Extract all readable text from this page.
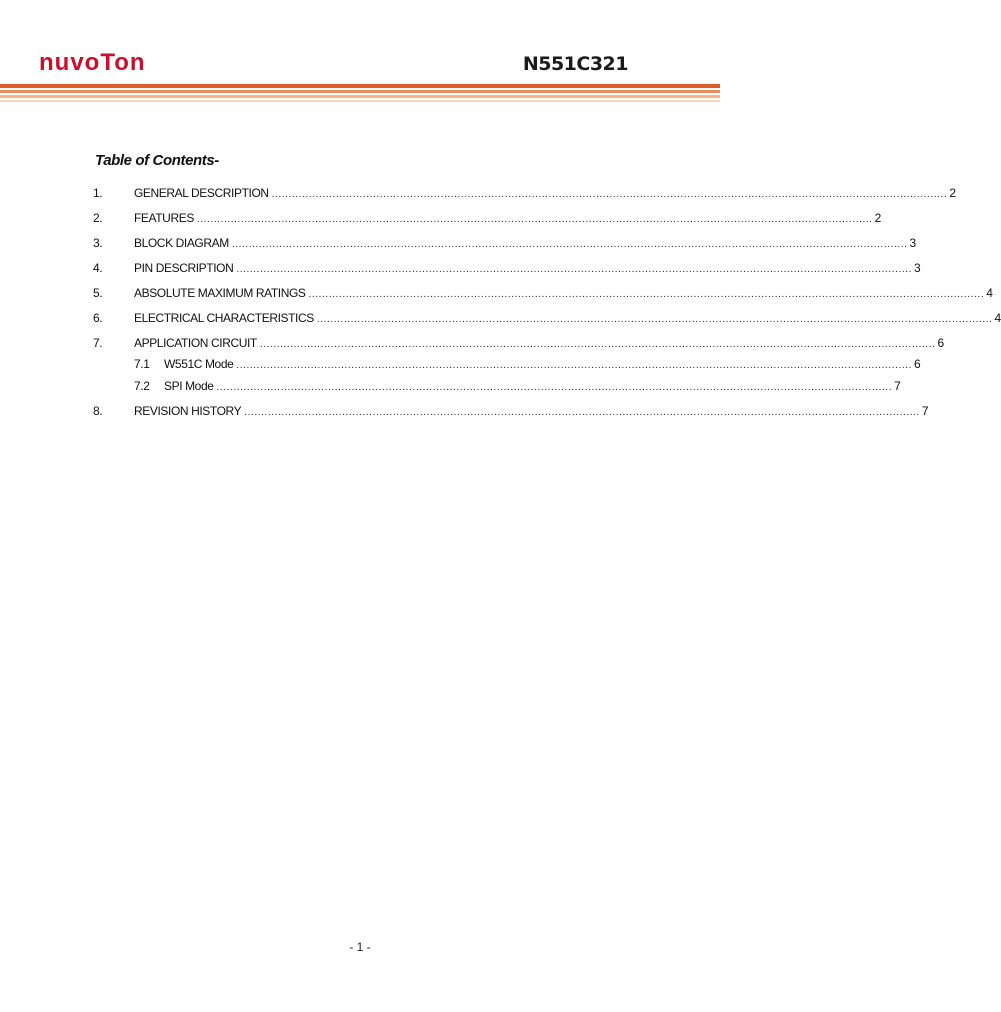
nuvoTon	N551C321
Table of Contents-
1.	GENERAL DESCRIPTION ........................................................................................................................................................................................................ 2
2.	FEATURES ........................................................................................................................................................................................................ 2
3.	BLOCK DIAGRAM ........................................................................................................................................................................................................ 3
4.	PIN DESCRIPTION ........................................................................................................................................................................................................ 3
5.	ABSOLUTE MAXIMUM RATINGS ........................................................................................................................................................................................................ 4
6.	ELECTRICAL CHARACTERISTICS ........................................................................................................................................................................................................ 4
7.	APPLICATION CIRCUIT ........................................................................................................................................................................................................ 6
7.1 W551C Mode ........................................................................................................................................................................................................ 6
7.2 SPI Mode ........................................................................................................................................................................................................ 7
8.	REVISION HISTORY ........................................................................................................................................................................................................ 7
- 1 -
